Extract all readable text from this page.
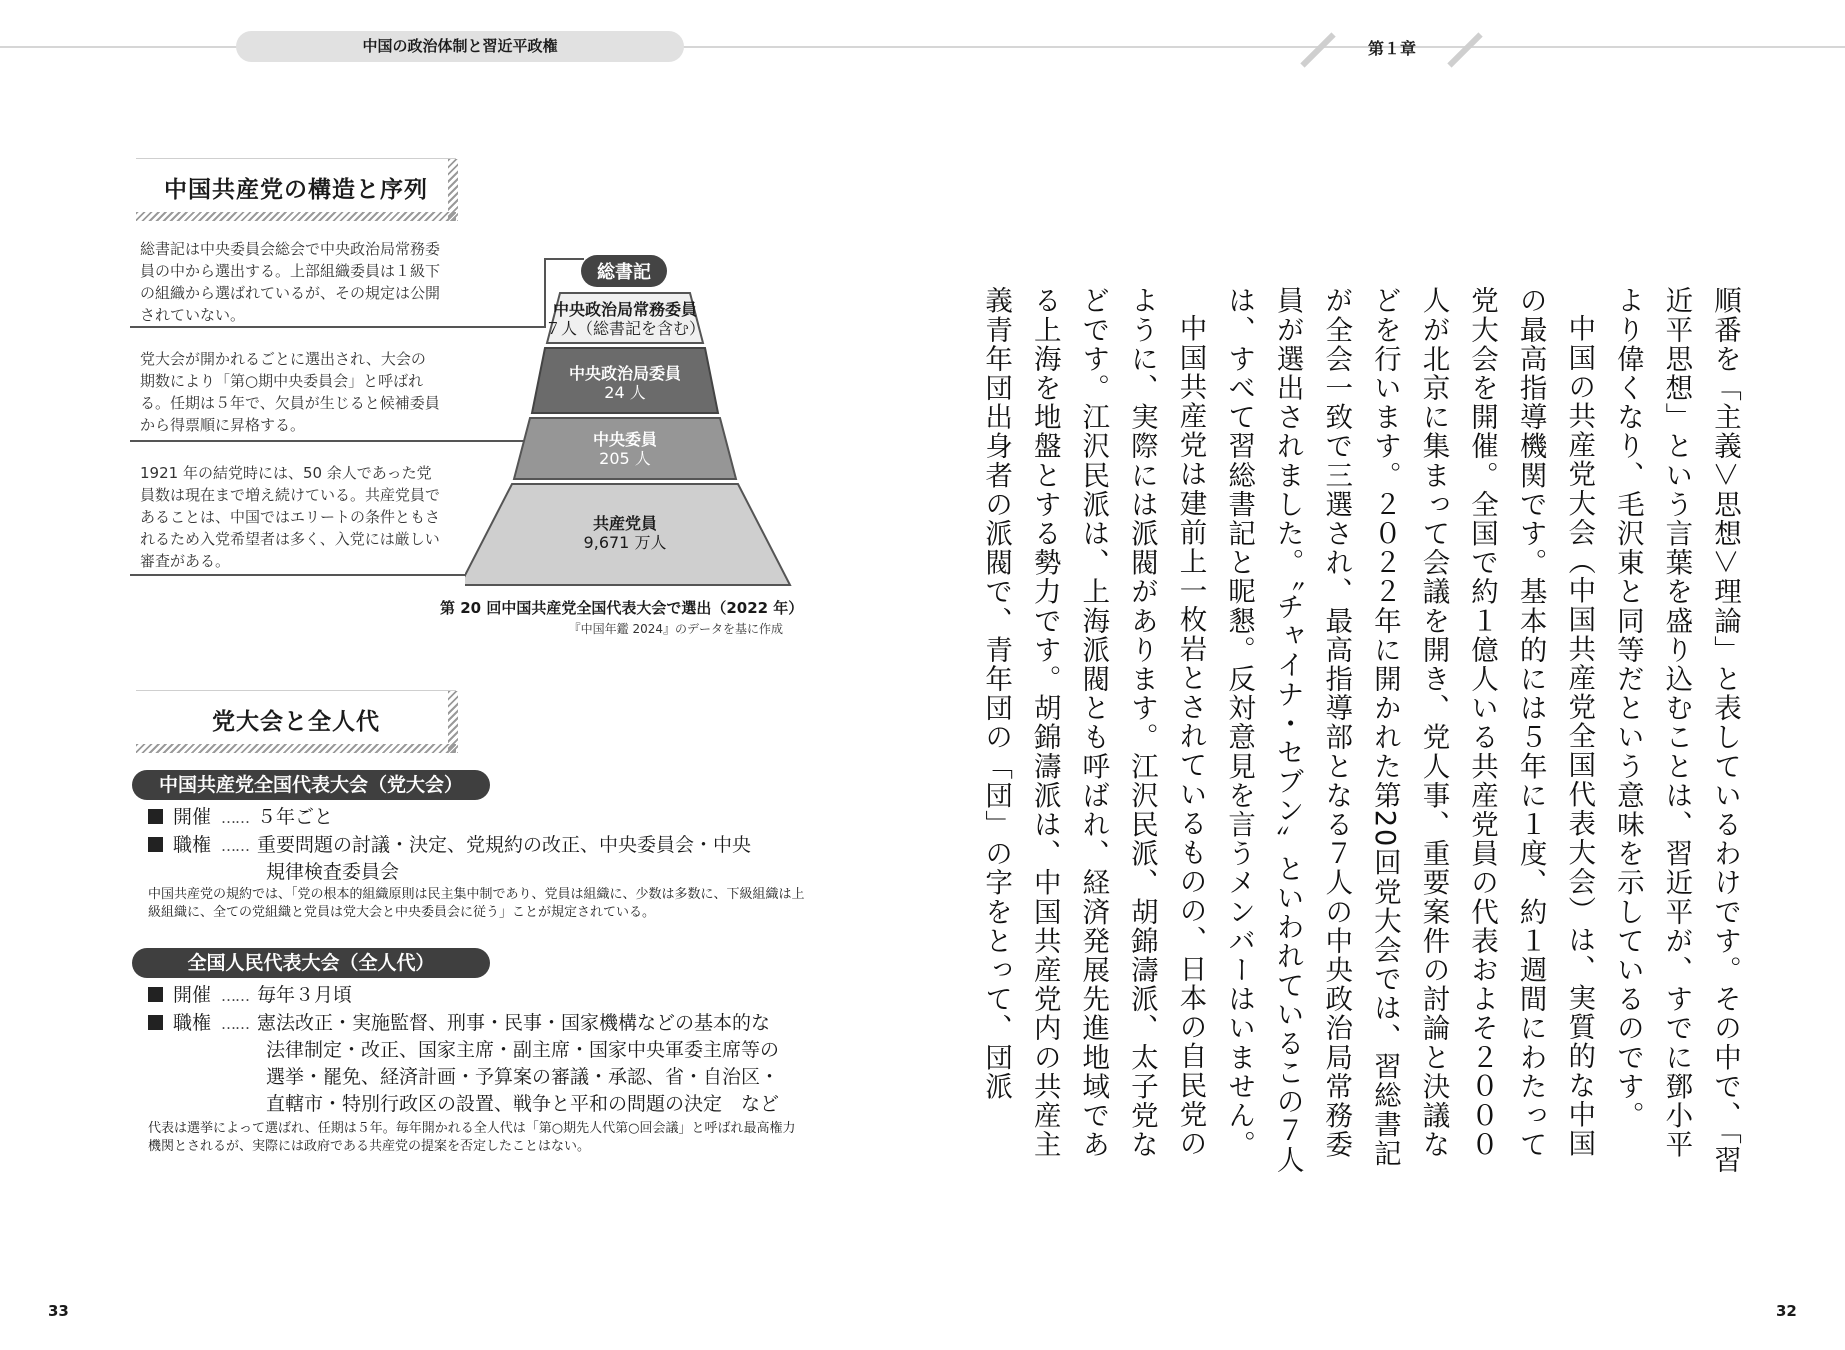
中国の政治体制と習近平政権	第１章
中国共産党の構造と序列
総書記は中央委員会総会で中央政治局常務委員の中から選出する。上部組織委員は１級下の組織から選ばれているが、その規定は公開されていない。
党大会が開かれるごとに選出され、大会の期数により「第○期中央委員会」と呼ばれる。任期は５年で、欠員が生じると候補委員から得票順に昇格する。
1921 年の結党時には、50 余人であった党員数は現在まで増え続けている。共産党員であることは、中国ではエリートの条件ともされるため入党希望者は多く、入党には厳しい審査がある。
総書記
中央政治局常務委員
７人（総書記を含む）
中央政治局委員
24 人
中央委員
205 人
共産党員
9,671 万人
第 20 回中国共産党全国代表大会で選出（2022 年）
『中国年鑑 2024』のデータを基に作成
党大会と全人代
中国共産党全国代表大会（党大会）
開催 …… ５年ごと
職権 …… 重要問題の討議・決定、党規約の改正、中央委員会・中央
規律検査委員会
中国共産党の規約では、「党の根本的組織原則は民主集中制であり、党員は組織に、少数は多数に、下級組織は上級組織に、全ての党組織と党員は党大会と中央委員会に従う」ことが規定されている。
全国人民代表大会（全人代）
開催 …… 毎年３月頃
職権 …… 憲法改正・実施監督、刑事・民事・国家機構などの基本的な
法律制定・改正、国家主席・副主席・国家中央軍委主席等の
選挙・罷免、経済計画・予算案の審議・承認、省・自治区・
直轄市・特別行政区の設置、戦争と平和の問題の決定　など
代表は選挙によって選ばれ、任期は５年。毎年開かれる全人代は「第○期先人代第○回会議」と呼ばれ最高権力機関とされるが、実際には政府である共産党の提案を否定したことはない。	順番を「主義＞思想＞理論」と表しているわけです。その中で、「習近平思想」という言葉を盛り込むことは、習近平が、すでに鄧小平より偉くなり、毛沢東と同等だという意味を示しているのです。

中国の共産党大会（中国共産党全国代表大会）は、実質的な中国の最高指導機関です。基本的には５年に１度、約１週間にわたって党大会を開催。全国で約１億人いる共産党員の代表およそ２０００人が北京に集まって会議を開き、党人事、重要案件の討論と決議などを行います。２０２２年に開かれた第20回党大会では、習総書記が全会一致で三選され、最高指導部となる７人の中央政治局常務委員が選出されました。〝チャイナ・セブン〟といわれているこの７人は、すべて習総書記と昵懇。反対意見を言うメンバーはいません。

中国共産党は建前上一枚岩とされているものの、日本の自民党のように、実際には派閥があります。江沢民派、胡錦濤派、太子党などです。江沢民派は、上海派閥とも呼ばれ、経済発展先進地域である上海を地盤とする勢力です。胡錦濤派は、中国共産党内の共産主義青年団出身者の派閥で、青年団の「団」の字をとって、団派

33	32
